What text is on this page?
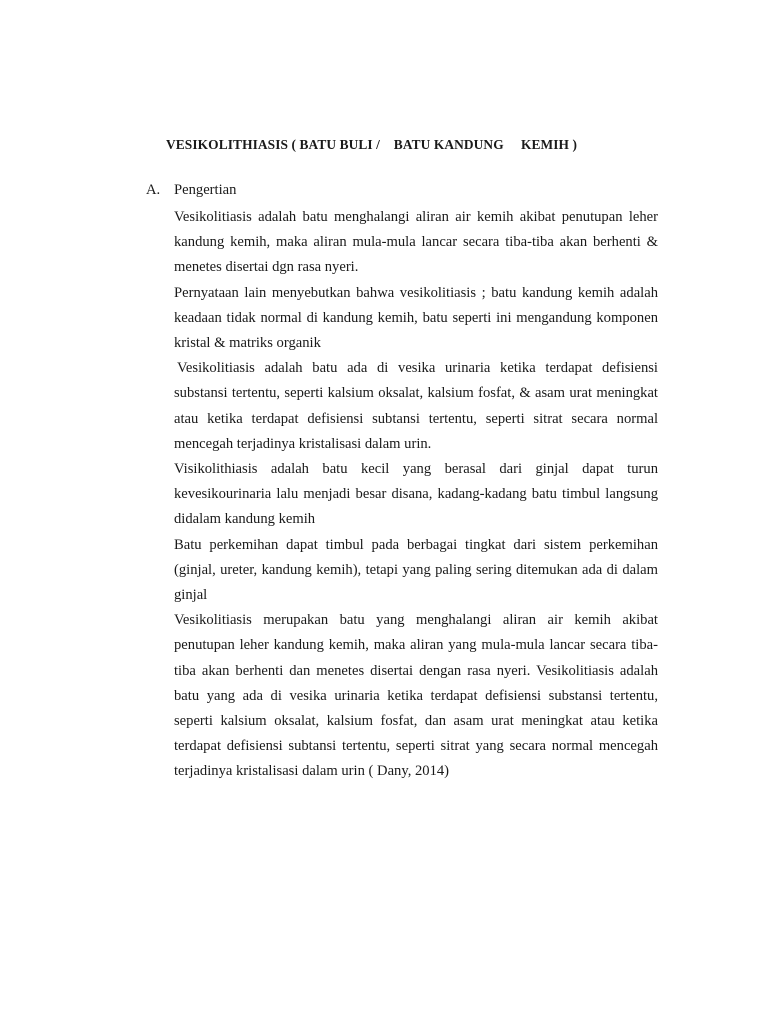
VESIKOLITHIASIS ( BATU BULI /    BATU KANDUNG     KEMIH )
A. Pengertian

Vesikolitiasis adalah batu menghalangi aliran air kemih akibat penutupan leher kandung kemih, maka aliran mula-mula lancar secara tiba-tiba akan berhenti & menetes disertai dgn rasa nyeri.

Pernyataan lain menyebutkan bahwa vesikolitiasis ; batu kandung kemih adalah keadaan tidak normal di kandung kemih, batu seperti ini mengandung komponen kristal & matriks organik

Vesikolitiasis adalah batu ada di vesika urinaria ketika terdapat defisiensi substansi tertentu, seperti kalsium oksalat, kalsium fosfat, & asam urat meningkat atau ketika terdapat defisiensi subtansi tertentu, seperti sitrat secara normal mencegah terjadinya kristalisasi dalam urin.

Visikolithiasis adalah batu kecil yang berasal dari ginjal dapat turun kevesikourinaria lalu menjadi besar disana, kadang-kadang batu timbul langsung didalam kandung kemih

Batu perkemihan dapat timbul pada berbagai tingkat dari sistem perkemihan (ginjal, ureter, kandung kemih), tetapi yang paling sering ditemukan ada di dalam ginjal

Vesikolitiasis merupakan batu yang menghalangi aliran air kemih akibat penutupan leher kandung kemih, maka aliran yang mula-mula lancar secara tiba-tiba akan berhenti dan menetes disertai dengan rasa nyeri. Vesikolitiasis adalah batu yang ada di vesika urinaria ketika terdapat defisiensi substansi tertentu, seperti kalsium oksalat, kalsium fosfat, dan asam urat meningkat atau ketika terdapat defisiensi subtansi tertentu, seperti sitrat yang secara normal mencegah terjadinya kristalisasi dalam urin ( Dany, 2014)
